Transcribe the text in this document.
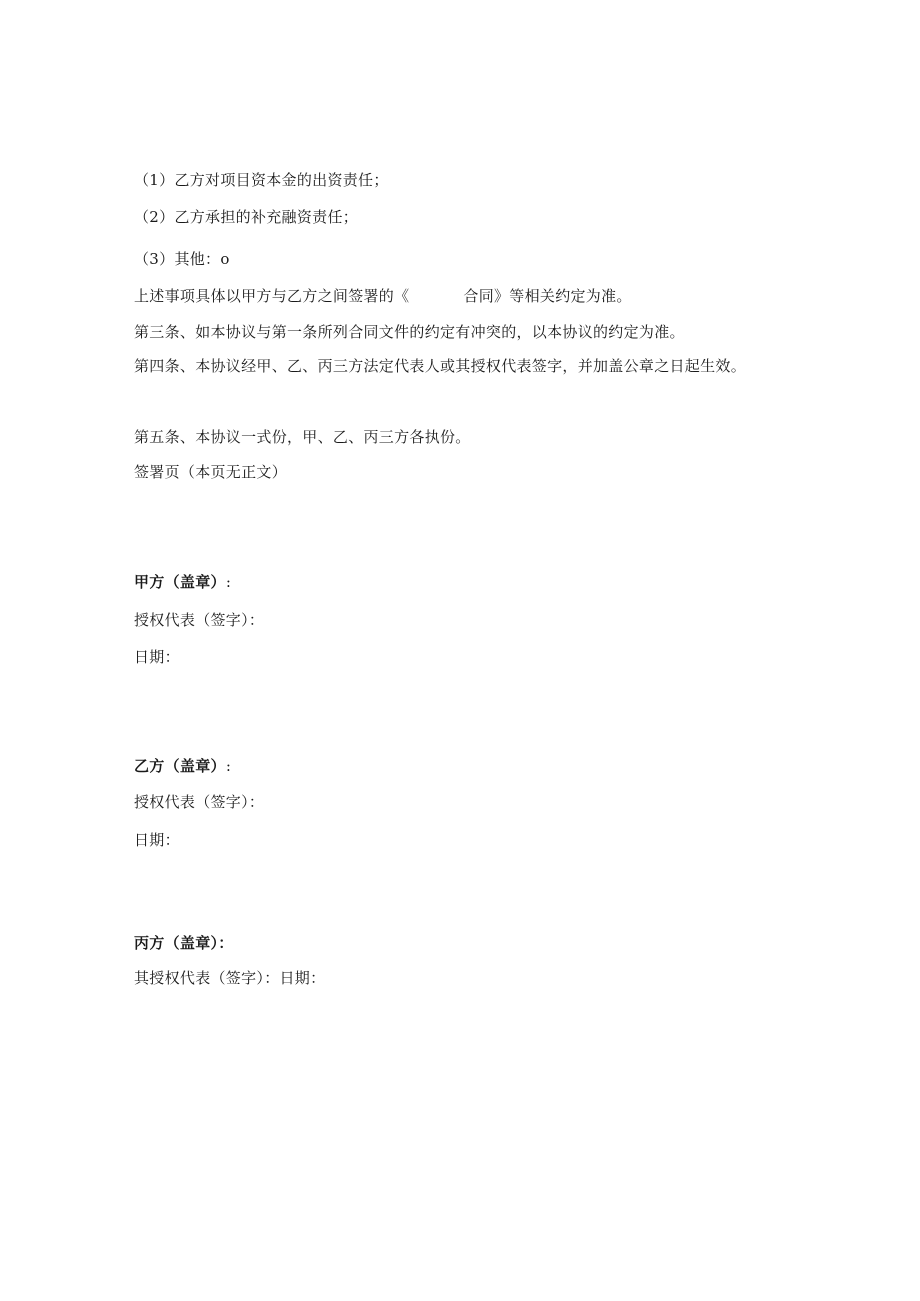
（1）乙方对项目资本金的出资责任；
（2）乙方承担的补充融资责任；
（3）其他：o
上述事项具体以甲方与乙方之间签署的《	合同》等相关约定为准。
第三条、如本协议与第一条所列合同文件的约定有冲突的，以本协议的约定为准。
第四条、本协议经甲、乙、丙三方法定代表人或其授权代表签字，并加盖公章之日起生效。
第五条、本协议一式份，甲、乙、丙三方各执份。
签署页（本页无正文）
甲方（盖章）:
授权代表（签字）：
日期：
乙方（盖章）:
授权代表（签字）：
日期：
丙方（盖章）：
其授权代表（签字）：日期：
